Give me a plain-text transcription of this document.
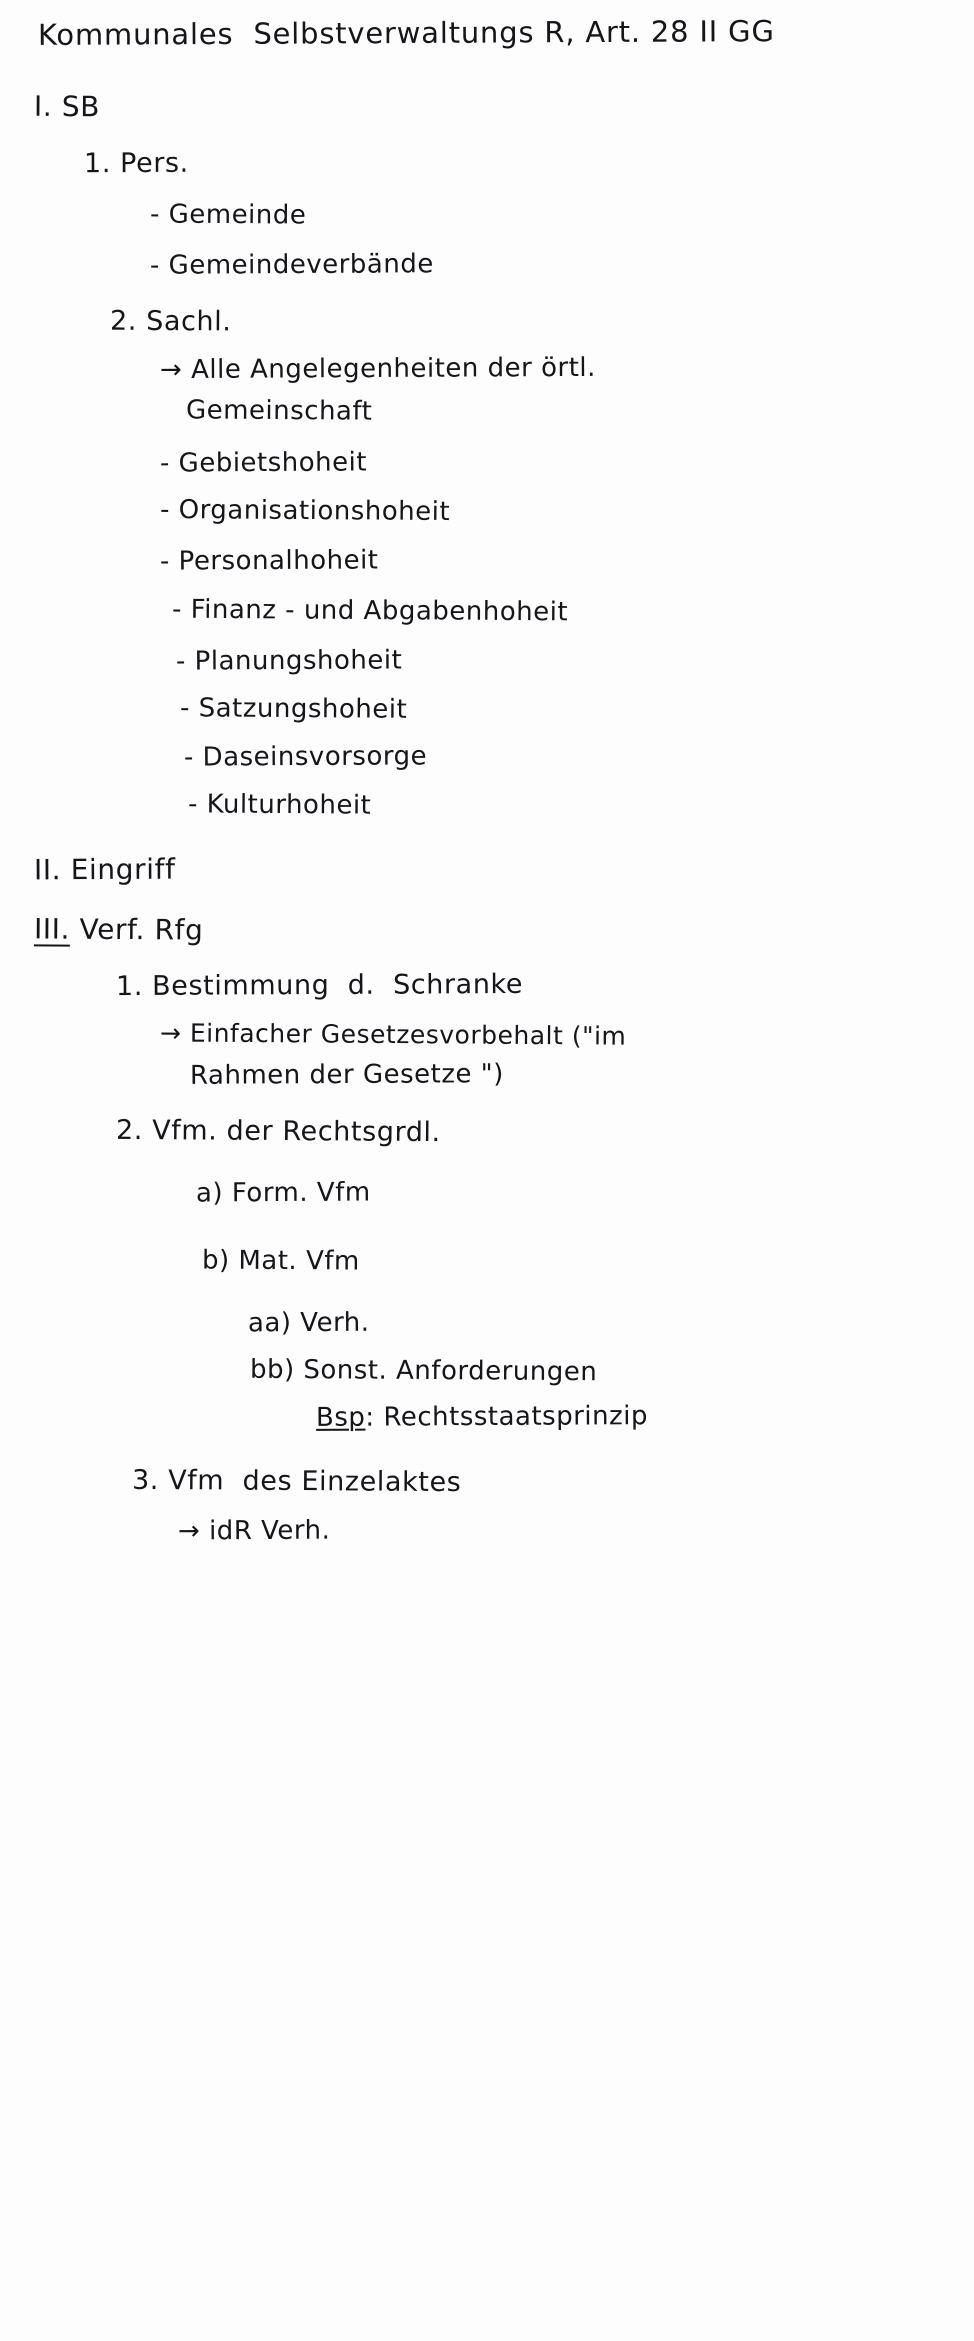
Kommunales  Selbstverwaltungs R, Art. 28 II GG
I. SB
1. Pers.
- Gemeinde
- Gemeindeverbände
2. Sachl.
→ Alle Angelegenheiten der örtl.
Gemeinschaft
- Gebietshoheit
- Organisationshoheit
- Personalhoheit
- Finanz - und Abgabenhoheit
- Planungshoheit
- Satzungshoheit
- Daseinsvorsorge
- Kulturhoheit
II. Eingriff
III. Verf. Rfg
1. Bestimmung  d.  Schranke
→ Einfacher Gesetzesvorbehalt ("im
Rahmen der Gesetze ")
2. Vfm. der Rechtsgrdl.
a) Form. Vfm
b) Mat. Vfm
aa) Verh.
bb) Sonst. Anforderungen
Bsp: Rechtsstaatsprinzip
3. Vfm  des Einzelaktes
→ idR Verh.
